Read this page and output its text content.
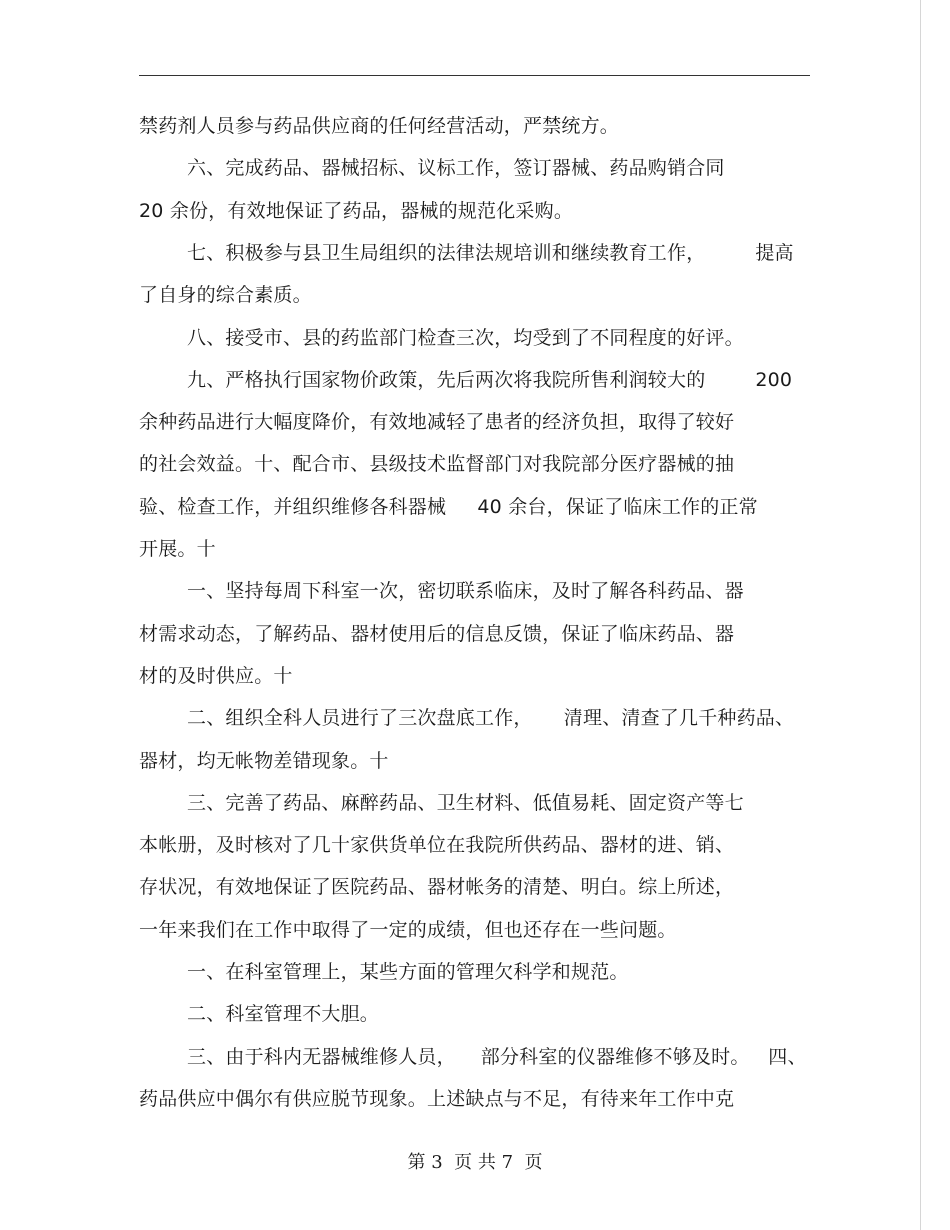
禁药剂人员参与药品供应商的任何经营活动，严禁统方。
六、完成药品、器械招标、议标工作，签订器械、药品购销合同
20 余份，有效地保证了药品，器械的规范化采购。
七、积极参与县卫生局组织的法律法规培训和继续教育工作，        提高
了自身的综合素质。
八、接受市、县的药监部门检查三次，均受到了不同程度的好评。
九、严格执行国家物价政策，先后两次将我院所售利润较大的        200
余种药品进行大幅度降价，有效地减轻了患者的经济负担，取得了较好
的社会效益。十、配合市、县级技术监督部门对我院部分医疗器械的抽
验、检查工作，并组织维修各科器械     40 余台，保证了临床工作的正常
开展。十
一、坚持每周下科室一次，密切联系临床，及时了解各科药品、器
材需求动态，了解药品、器材使用后的信息反馈，保证了临床药品、器
材的及时供应。十
二、组织全科人员进行了三次盘底工作，     清理、清查了几千种药品、
器材，均无帐物差错现象。十
三、完善了药品、麻醉药品、卫生材料、低值易耗、固定资产等七
本帐册，及时核对了几十家供货单位在我院所供药品、器材的进、销、
存状况，有效地保证了医院药品、器材帐务的清楚、明白。综上所述，
一年来我们在工作中取得了一定的成绩，但也还存在一些问题。
一、在科室管理上，某些方面的管理欠科学和规范。
二、科室管理不大胆。
三、由于科内无器械维修人员，    部分科室的仪器维修不够及时。   四、
药品供应中偶尔有供应脱节现象。上述缺点与不足，有待来年工作中克
第 3  页 共 7  页
